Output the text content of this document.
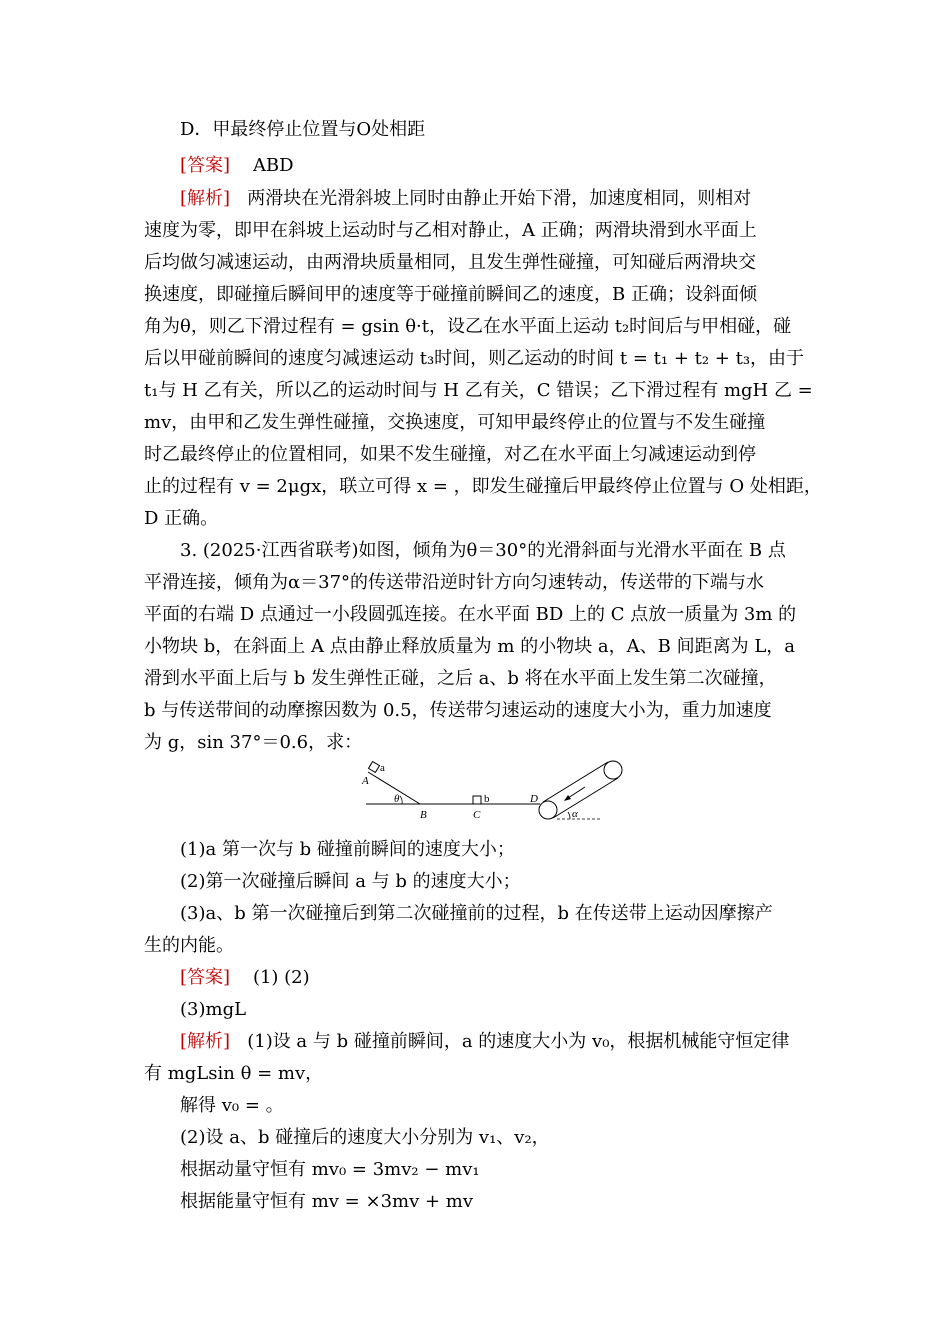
D．甲最终停止位置与O处相距
[答案] ABD
[解析] 两滑块在光滑斜坡上同时由静止开始下滑，加速度相同，则相对
速度为零，即甲在斜坡上运动时与乙相对静止，A 正确；两滑块滑到水平面上
后均做匀减速运动，由两滑块质量相同，且发生弹性碰撞，可知碰后两滑块交
换速度，即碰撞后瞬间甲的速度等于碰撞前瞬间乙的速度，B 正确；设斜面倾
角为θ，则乙下滑过程有 = gsin θ·t，设乙在水平面上运动 t₂时间后与甲相碰，碰
后以甲碰前瞬间的速度匀减速运动 t₃时间，则乙运动的时间 t = t₁ + t₂ + t₃，由于
t₁与 H 乙有关，所以乙的运动时间与 H 乙有关，C 错误；乙下滑过程有 mgH 乙 =
mv，由甲和乙发生弹性碰撞，交换速度，可知甲最终停止的位置与不发生碰撞
时乙最终停止的位置相同，如果不发生碰撞，对乙在水平面上匀减速运动到停
止的过程有 v = 2μgx，联立可得 x = ，即发生碰撞后甲最终停止位置与 O 处相距，
D 正确。
3. (2025·江西省联考)如图，倾角为θ＝30°的光滑斜面与光滑水平面在 B 点
平滑连接，倾角为α＝37°的传送带沿逆时针方向匀速转动，传送带的下端与水
平面的右端 D 点通过一小段圆弧连接。在水平面 BD 上的 C 点放一质量为 3m 的
小物块 b，在斜面上 A 点由静止释放质量为 m 的小物块 a，A、B 间距离为 L，a
滑到水平面上后与 b 发生弹性正碰，之后 a、b 将在水平面上发生第二次碰撞，
b 与传送带间的动摩擦因数为 0.5，传送带匀速运动的速度大小为，重力加速度
为 g，sin 37°＝0.6，求：
A
a
θ
B	C
b	D
α
(1)a 第一次与 b 碰撞前瞬间的速度大小；
(2)第一次碰撞后瞬间 a 与 b 的速度大小；
(3)a、b 第一次碰撞后到第二次碰撞前的过程，b 在传送带上运动因摩擦产
生的内能。
[答案] (1) (2)
(3)mgL
[解析] (1)设 a 与 b 碰撞前瞬间，a 的速度大小为 v₀，根据机械能守恒定律
有 mgLsin θ = mv，
解得 v₀ = 。
(2)设 a、b 碰撞后的速度大小分别为 v₁、v₂，
根据动量守恒有 mv₀ = 3mv₂ − mv₁
根据能量守恒有 mv = ×3mv + mv
